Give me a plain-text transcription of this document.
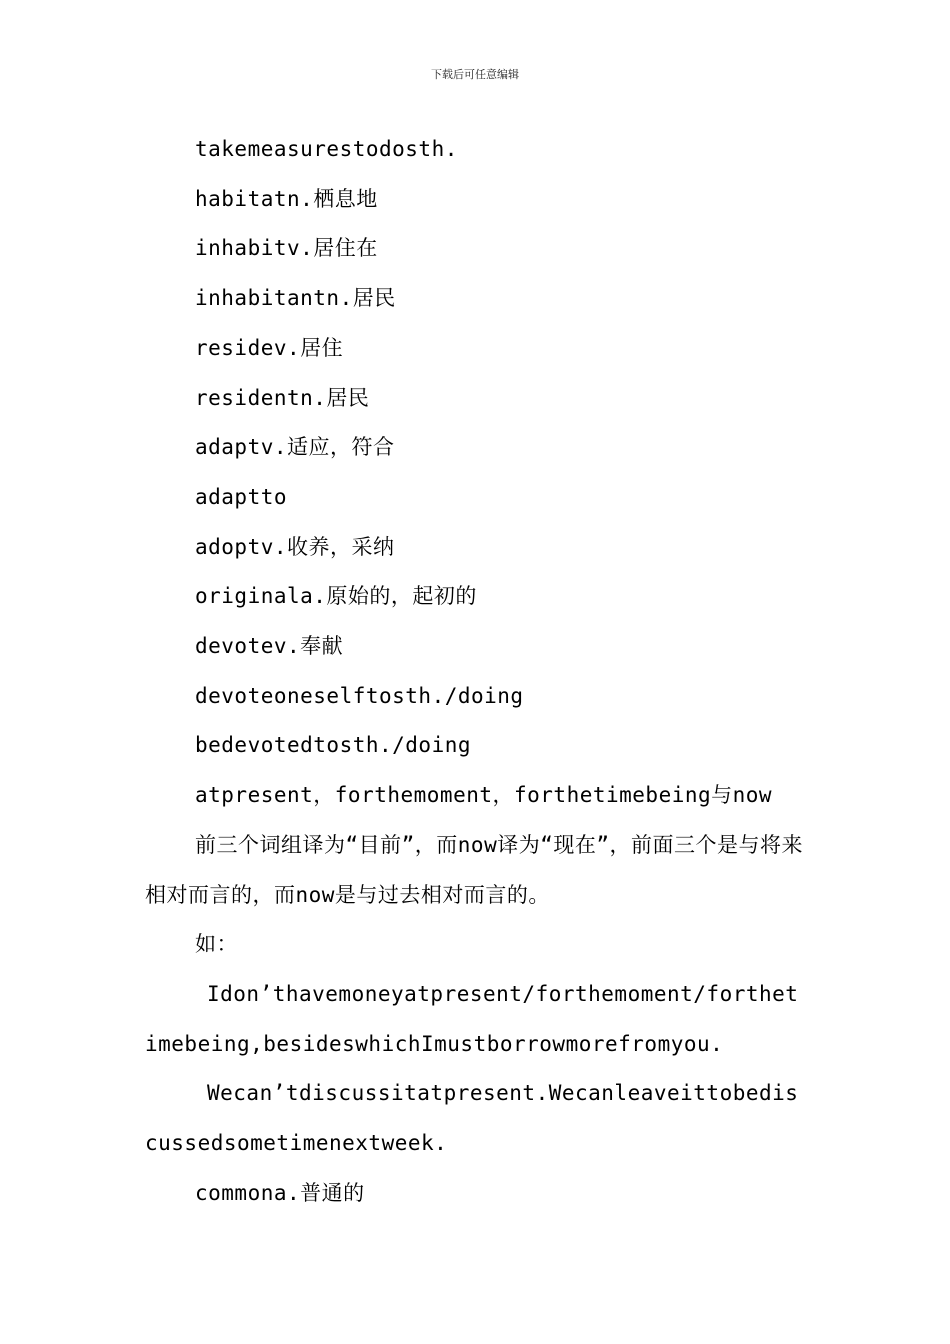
下载后可任意编辑
takemeasurestodosth.
habitatn.栖息地
inhabitv.居住在
inhabitantn.居民
residev.居住
residentn.居民
adaptv.适应，符合
adaptto
adoptv.收养，采纳
originala.原始的，起初的
devotev.奉献
devoteoneselftosth./doing
bedevotedtosth./doing
atpresent，forthemoment，forthetimebeing与now
前三个词组译为“目前”，而now译为“现在”，前面三个是与将来相对而言的，而now是与过去相对而言的。
如：
Idon’thavemoneyatpresent/forthemoment/forthetimebeing,besideswhichImustborrowmorefromyou.
Wecan’tdiscussitatpresent.Wecanleaveittobediscussedsometimenextweek.
commona.普通的
